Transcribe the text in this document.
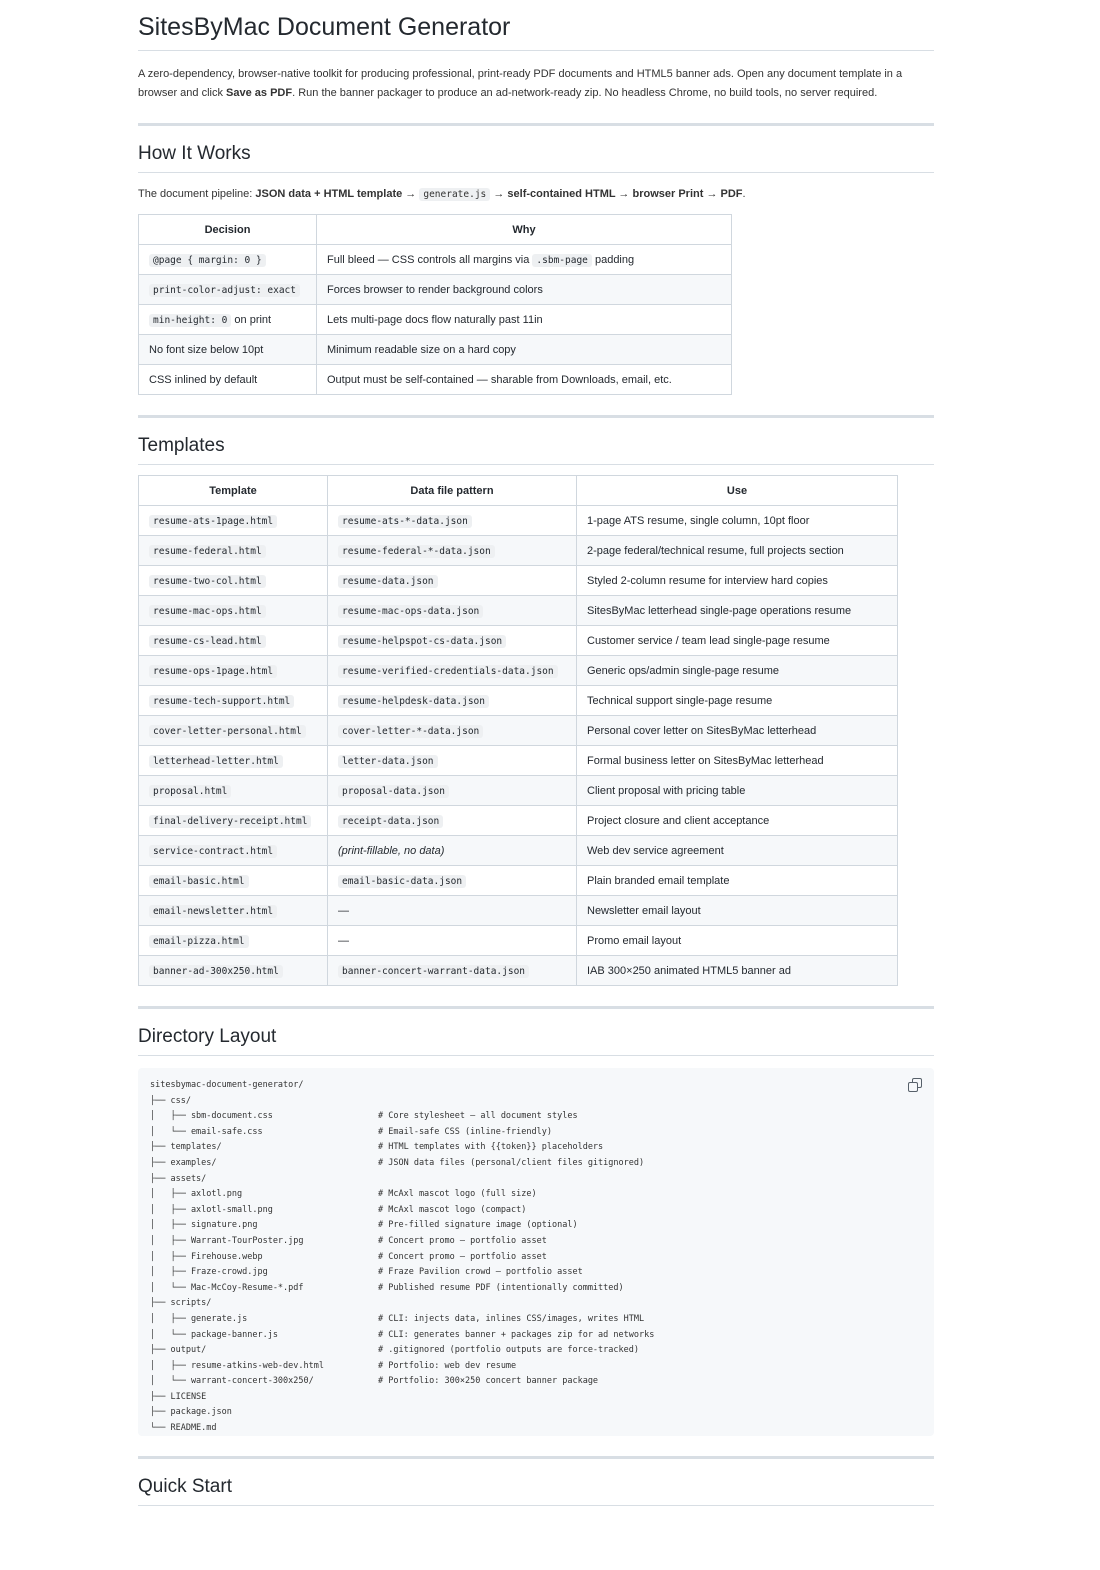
SitesByMac Document Generator

A zero-dependency, browser-native toolkit for producing professional, print-ready PDF documents and HTML5 banner ads. Open any document template in a browser and click Save as PDF. Run the banner packager to produce an ad-network-ready zip. No headless Chrome, no build tools, no server required.

How It Works

The document pipeline: JSON data + HTML template → generate.js → self-contained HTML → browser Print → PDF.

Decision	Why
@page { margin: 0 }	Full bleed — CSS controls all margins via .sbm-page padding
print-color-adjust: exact	Forces browser to render background colors
min-height: 0 on print	Lets multi-page docs flow naturally past 11in
No font size below 10pt	Minimum readable size on a hard copy
CSS inlined by default	Output must be self-contained — sharable from Downloads, email, etc.
Templates
Template	Data file pattern	Use
resume-ats-1page.html	resume-ats-*-data.json	1-page ATS resume, single column, 10pt floor
resume-federal.html	resume-federal-*-data.json	2-page federal/technical resume, full projects section
resume-two-col.html	resume-data.json	Styled 2-column resume for interview hard copies
resume-mac-ops.html	resume-mac-ops-data.json	SitesByMac letterhead single-page operations resume
resume-cs-lead.html	resume-helpspot-cs-data.json	Customer service / team lead single-page resume
resume-ops-1page.html	resume-verified-credentials-data.json	Generic ops/admin single-page resume
resume-tech-support.html	resume-helpdesk-data.json	Technical support single-page resume
cover-letter-personal.html	cover-letter-*-data.json	Personal cover letter on SitesByMac letterhead
letterhead-letter.html	letter-data.json	Formal business letter on SitesByMac letterhead
proposal.html	proposal-data.json	Client proposal with pricing table
final-delivery-receipt.html	receipt-data.json	Project closure and client acceptance
service-contract.html	(print-fillable, no data)	Web dev service agreement
email-basic.html	email-basic-data.json	Plain branded email template
email-newsletter.html	—	Newsletter email layout
email-pizza.html	—	Promo email layout
banner-ad-300x250.html	banner-concert-warrant-data.json	IAB 300×250 animated HTML5 banner ad
Directory Layout
sitesbymac-document-generator/
├── css/
│   ├── sbm-document.css	# Core stylesheet — all document styles
│   └── email-safe.css	# Email-safe CSS (inline-friendly)
├── templates/	# HTML templates with {{token}} placeholders
├── examples/	# JSON data files (personal/client files gitignored)
├── assets/
│   ├── axlotl.png	# McAxl mascot logo (full size)
│   ├── axlotl-small.png	# McAxl mascot logo (compact)
│   ├── signature.png	# Pre-filled signature image (optional)
│   ├── Warrant-TourPoster.jpg	# Concert promo — portfolio asset
│   ├── Firehouse.webp	# Concert promo — portfolio asset
│   ├── Fraze-crowd.jpg	# Fraze Pavilion crowd — portfolio asset
│   └── Mac-McCoy-Resume-*.pdf	# Published resume PDF (intentionally committed)
├── scripts/
│   ├── generate.js	# CLI: injects data, inlines CSS/images, writes HTML
│   └── package-banner.js	# CLI: generates banner + packages zip for ad networks
├── output/	# .gitignored (portfolio outputs are force-tracked)
│   ├── resume-atkins-web-dev.html	# Portfolio: web dev resume
│   └── warrant-concert-300x250/	# Portfolio: 300×250 concert banner package
├── LICENSE
├── package.json
└── README.md
Quick Start
